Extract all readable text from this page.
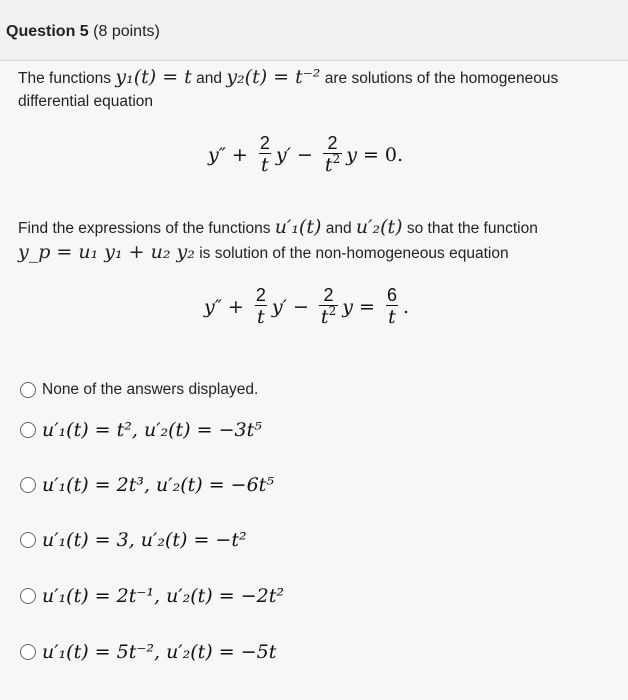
Question 5 (8 points)
The functions y₁(t) = t and y₂(t) = t⁻² are solutions of the homogeneous
differential equation
$y'' + \frac{2}{t} y' - \frac{2}{t^2}$ y = 0.
Find the expressions of the functions u′₁(t) and u′₂(t) so that the function
y_p = u₁ y₁ + u₂ y₂ is solution of the non-homogeneous equation
$y'' + \frac{2}{t} y' - \frac{2}{t^2}$ $y = \frac{6}{t}$ .
None of the answers displayed.
u′₁(t) = t², u′₂(t) = −3t⁵
u′₁(t) = 2t³, u′₂(t) = −6t⁵
u′₁(t) = 3, u′₂(t) = −t²
u′₁(t) = 2t⁻¹, u′₂(t) = −2t²
u′₁(t) = 5t⁻², u′₂(t) = −5t
